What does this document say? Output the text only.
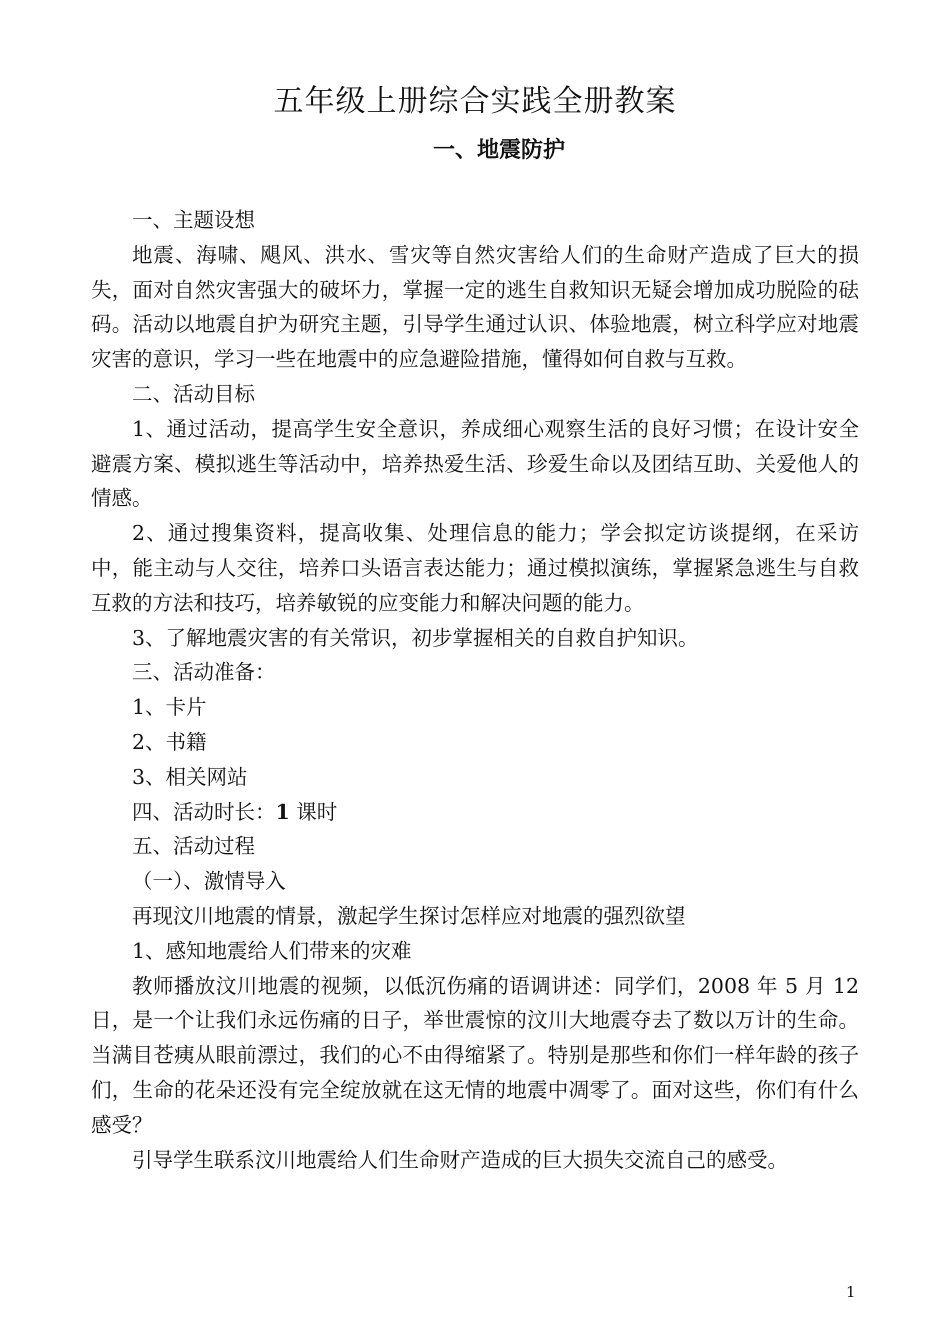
五年级上册综合实践全册教案
一、地震防护

一、主题设想

地震、海啸、飓风、洪水、雪灾等自然灾害给人们的生命财产造成了巨大的损失，面对自然灾害强大的破坏力，掌握一定的逃生自救知识无疑会增加成功脱险的砝码。活动以地震自护为研究主题，引导学生通过认识、体验地震，树立科学应对地震灾害的意识，学习一些在地震中的应急避险措施，懂得如何自救与互救。

二、活动目标

1、通过活动，提高学生安全意识，养成细心观察生活的良好习惯；在设计安全避震方案、模拟逃生等活动中，培养热爱生活、珍爱生命以及团结互助、关爱他人的情感。

2、通过搜集资料，提高收集、处理信息的能力；学会拟定访谈提纲，在采访中，能主动与人交往，培养口头语言表达能力；通过模拟演练，掌握紧急逃生与自救互救的方法和技巧，培养敏锐的应变能力和解决问题的能力。

3、了解地震灾害的有关常识，初步掌握相关的自救自护知识。

三、活动准备：

1、卡片

2、书籍

3、相关网站

四、活动时长：1 课时

五、活动过程

（一）、激情导入

再现汶川地震的情景，激起学生探讨怎样应对地震的强烈欲望

1、感知地震给人们带来的灾难

教师播放汶川地震的视频，以低沉伤痛的语调讲述：同学们，2008 年 5 月 12 日，是一个让我们永远伤痛的日子，举世震惊的汶川大地震夺去了数以万计的生命。当满目苍痍从眼前漂过，我们的心不由得缩紧了。特别是那些和你们一样年龄的孩子们，生命的花朵还没有完全绽放就在这无情的地震中凋零了。面对这些，你们有什么感受？

引导学生联系汶川地震给人们生命财产造成的巨大损失交流自己的感受。

1
